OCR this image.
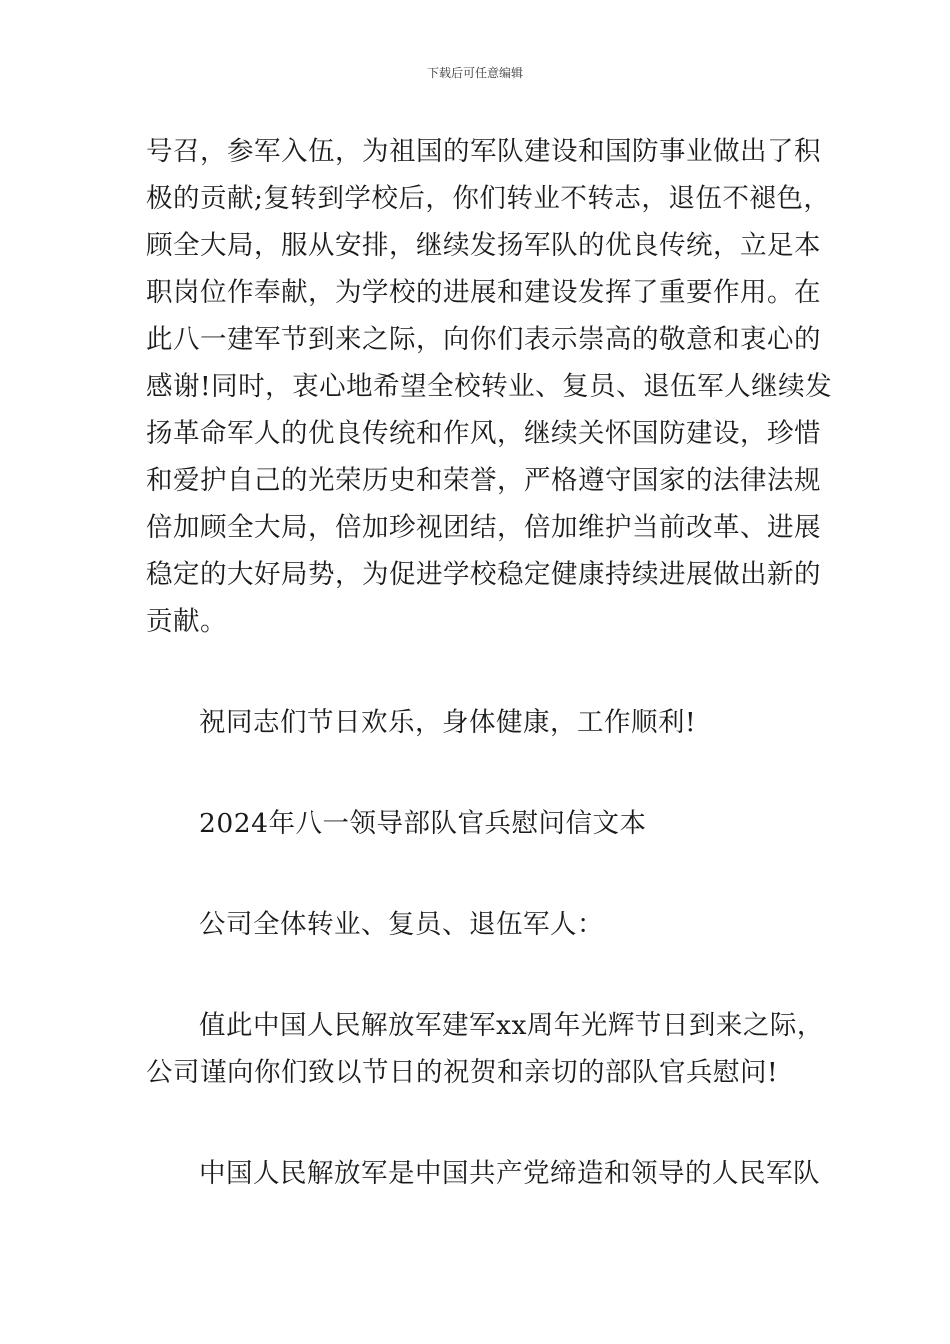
下载后可任意编辑
号召，参军入伍，为祖国的军队建设和国防事业做出了积
极的贡献;复转到学校后，你们转业不转志，退伍不褪色，
顾全大局，服从安排，继续发扬军队的优良传统，立足本
职岗位作奉献，为学校的进展和建设发挥了重要作用。在
此八一建军节到来之际，向你们表示崇高的敬意和衷心的
感谢!同时，衷心地希望全校转业、复员、退伍军人继续发
扬革命军人的优良传统和作风，继续关怀国防建设，珍惜
和爱护自己的光荣历史和荣誉，严格遵守国家的法律法规
倍加顾全大局，倍加珍视团结，倍加维护当前改革、进展
稳定的大好局势，为促进学校稳定健康持续进展做出新的
贡献。
祝同志们节日欢乐，身体健康，工作顺利!
2024年八一领导部队官兵慰问信文本
公司全体转业、复员、退伍军人：
值此中国人民解放军建军xx周年光辉节日到来之际，
公司谨向你们致以节日的祝贺和亲切的部队官兵慰问!
中国人民解放军是中国共产党缔造和领导的人民军队
